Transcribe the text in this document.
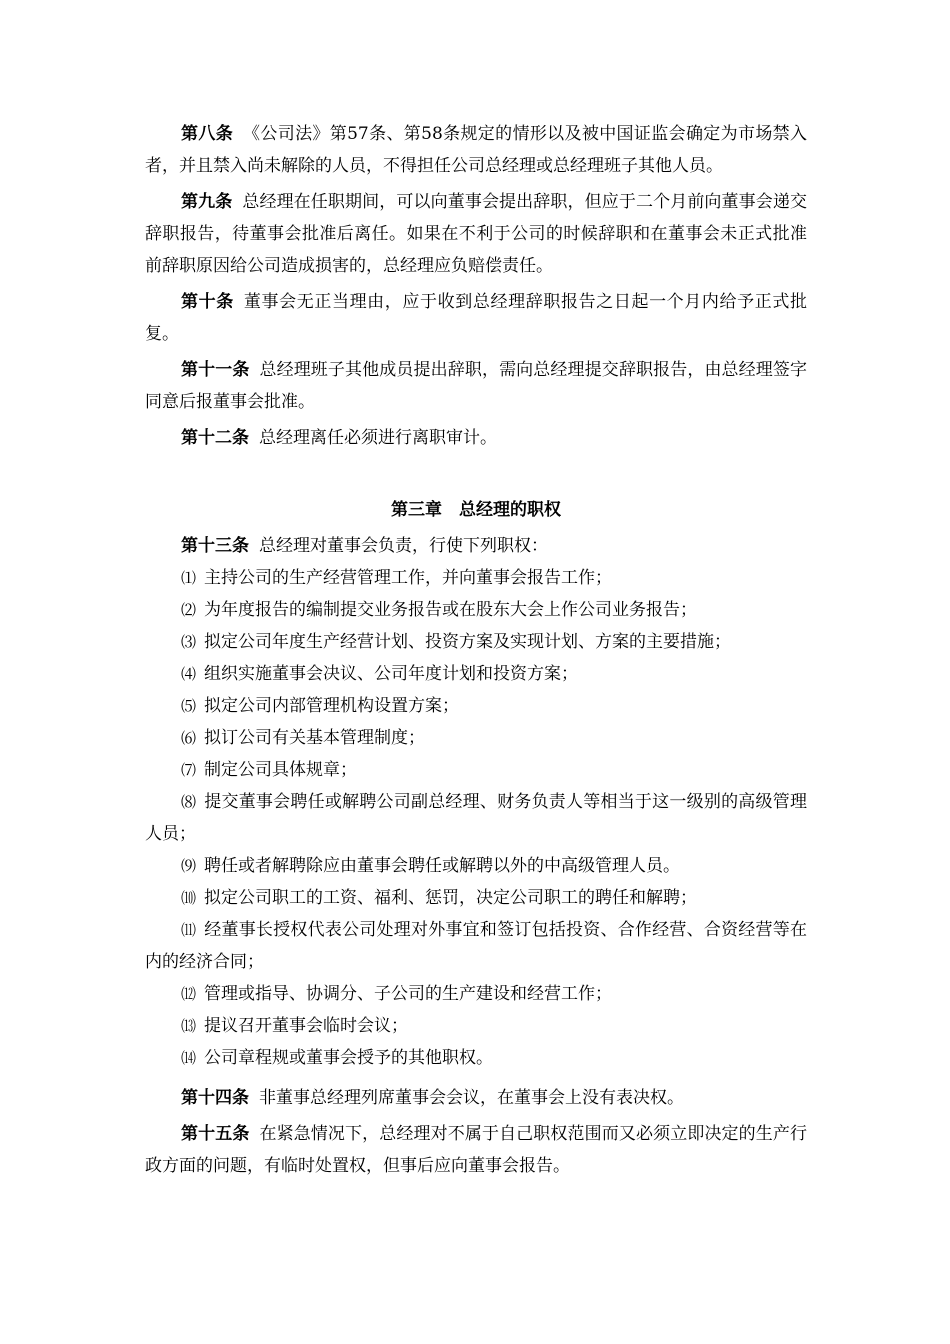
第八条 《公司法》第57条、第58条规定的情形以及被中国证监会确定为市场禁入者，并且禁入尚未解除的人员，不得担任公司总经理或总经理班子其他人员。

第九条 总经理在任职期间，可以向董事会提出辞职，但应于二个月前向董事会递交辞职报告，待董事会批准后离任。如果在不利于公司的时候辞职和在董事会未正式批准前辞职原因给公司造成损害的，总经理应负赔偿责任。

第十条 董事会无正当理由，应于收到总经理辞职报告之日起一个月内给予正式批复。

第十一条 总经理班子其他成员提出辞职，需向总经理提交辞职报告，由总经理签字同意后报董事会批准。

第十二条 总经理离任必须进行离职审计。

第三章　总经理的职权

第十三条 总经理对董事会负责，行使下列职权：

⑴ 主持公司的生产经营管理工作，并向董事会报告工作；

⑵ 为年度报告的编制提交业务报告或在股东大会上作公司业务报告；

⑶ 拟定公司年度生产经营计划、投资方案及实现计划、方案的主要措施；

⑷ 组织实施董事会决议、公司年度计划和投资方案；

⑸ 拟定公司内部管理机构设置方案；

⑹ 拟订公司有关基本管理制度；

⑺ 制定公司具体规章；

⑻ 提交董事会聘任或解聘公司副总经理、财务负责人等相当于这一级别的高级管理人员；

⑼ 聘任或者解聘除应由董事会聘任或解聘以外的中高级管理人员。

⑽ 拟定公司职工的工资、福利、惩罚，决定公司职工的聘任和解聘；

⑾ 经董事长授权代表公司处理对外事宜和签订包括投资、合作经营、合资经营等在内的经济合同；

⑿ 管理或指导、协调分、子公司的生产建设和经营工作；

⒀ 提议召开董事会临时会议；

⒁ 公司章程规或董事会授予的其他职权。

第十四条 非董事总经理列席董事会会议，在董事会上没有表决权。

第十五条 在紧急情况下，总经理对不属于自己职权范围而又必须立即决定的生产行政方面的问题，有临时处置权，但事后应向董事会报告。
